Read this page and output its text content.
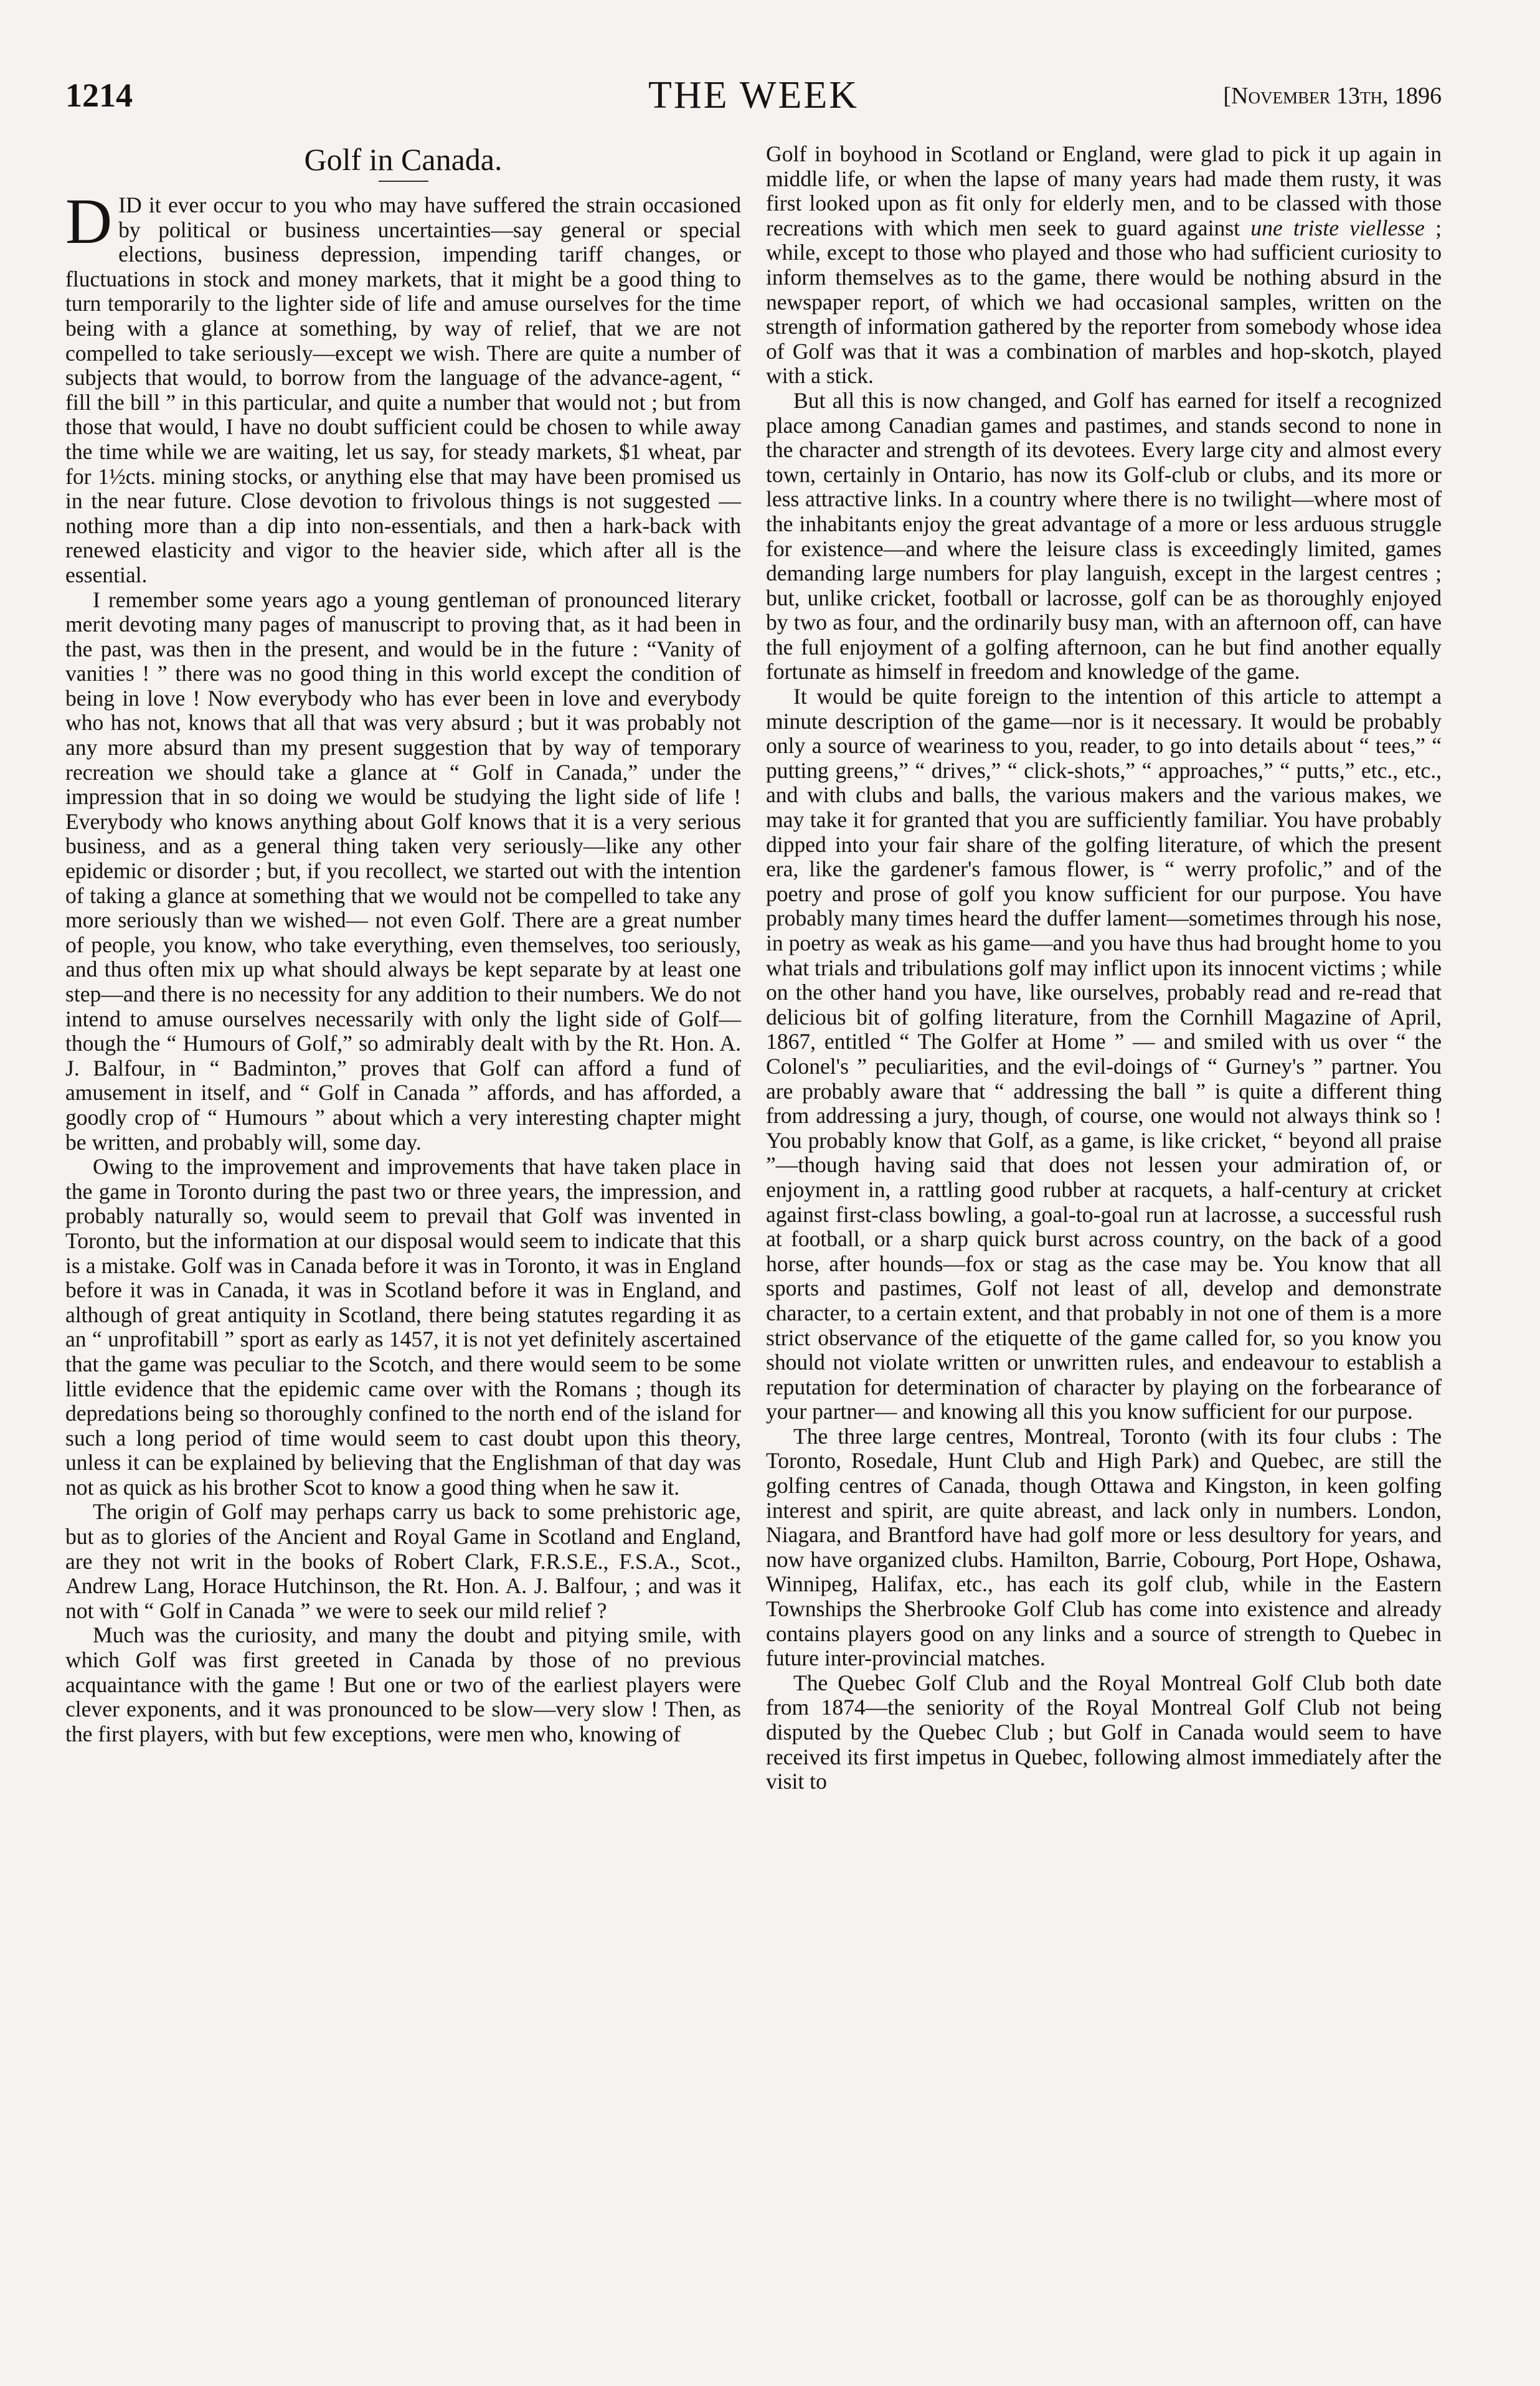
1214	THE WEEK	[November 13th, 1896
Golf in Canada.

DID it ever occur to you who may have suffered the strain occasioned by political or business uncertainties—say general or special elections, business depression, impending tariff changes, or fluctuations in stock and money markets, that it might be a good thing to turn temporarily to the lighter side of life and amuse ourselves for the time being with a glance at something, by way of relief, that we are not compelled to take seriously—except we wish. There are quite a number of subjects that would, to borrow from the language of the advance-agent, “ fill the bill ” in this particular, and quite a number that would not ; but from those that would, I have no doubt sufficient could be chosen to while away the time while we are waiting, let us say, for steady markets, $1 wheat, par for 1½cts. mining stocks, or anything else that may have been promised us in the near future. Close devotion to frivolous things is not suggested —nothing more than a dip into non-essentials, and then a hark-back with renewed elasticity and vigor to the heavier side, which after all is the essential.

I remember some years ago a young gentleman of pronounced literary merit devoting many pages of manuscript to proving that, as it had been in the past, was then in the present, and would be in the future : “Vanity of vanities ! ” there was no good thing in this world except the condition of being in love ! Now everybody who has ever been in love and everybody who has not, knows that all that was very absurd ; but it was probably not any more absurd than my present suggestion that by way of temporary recreation we should take a glance at “ Golf in Canada,” under the impression that in so doing we would be studying the light side of life ! Everybody who knows anything about Golf knows that it is a very serious business, and as a general thing taken very seriously—like any other epidemic or disorder ; but, if you recollect, we started out with the intention of taking a glance at something that we would not be compelled to take any more seriously than we wished— not even Golf. There are a great number of people, you know, who take everything, even themselves, too seriously, and thus often mix up what should always be kept separate by at least one step—and there is no necessity for any addition to their numbers. We do not intend to amuse ourselves necessarily with only the light side of Golf—though the “ Humours of Golf,” so admirably dealt with by the Rt. Hon. A. J. Balfour, in “ Badminton,” proves that Golf can afford a fund of amusement in itself, and “ Golf in Canada ” affords, and has afforded, a goodly crop of “ Humours ” about which a very interesting chapter might be written, and probably will, some day.

Owing to the improvement and improvements that have taken place in the game in Toronto during the past two or three years, the impression, and probably naturally so, would seem to prevail that Golf was invented in Toronto, but the information at our disposal would seem to indicate that this is a mistake. Golf was in Canada before it was in Toronto, it was in England before it was in Canada, it was in Scotland before it was in England, and although of great antiquity in Scotland, there being statutes regarding it as an “ unprofitabill ” sport as early as 1457, it is not yet definitely ascertained that the game was peculiar to the Scotch, and there would seem to be some little evidence that the epidemic came over with the Romans ; though its depredations being so thoroughly confined to the north end of the island for such a long period of time would seem to cast doubt upon this theory, unless it can be explained by believing that the Englishman of that day was not as quick as his brother Scot to know a good thing when he saw it.

The origin of Golf may perhaps carry us back to some prehistoric age, but as to glories of the Ancient and Royal Game in Scotland and England, are they not writ in the books of Robert Clark, F.R.S.E., F.S.A., Scot., Andrew Lang, Horace Hutchinson, the Rt. Hon. A. J. Balfour, ; and was it not with “ Golf in Canada ” we were to seek our mild relief ?

Much was the curiosity, and many the doubt and pitying smile, with which Golf was first greeted in Canada by those of no previous acquaintance with the game ! But one or two of the earliest players were clever exponents, and it was pronounced to be slow—very slow ! Then, as the first players, with but few exceptions, were men who, knowing of

Golf in boyhood in Scotland or England, were glad to pick it up again in middle life, or when the lapse of many years had made them rusty, it was first looked upon as fit only for elderly men, and to be classed with those recreations with which men seek to guard against une triste viellesse ; while, except to those who played and those who had sufficient curiosity to inform themselves as to the game, there would be nothing absurd in the newspaper report, of which we had occasional samples, written on the strength of information gathered by the reporter from somebody whose idea of Golf was that it was a combination of marbles and hop-skotch, played with a stick.

But all this is now changed, and Golf has earned for itself a recognized place among Canadian games and pastimes, and stands second to none in the character and strength of its devotees. Every large city and almost every town, certainly in Ontario, has now its Golf-club or clubs, and its more or less attractive links. In a country where there is no twilight—where most of the inhabitants enjoy the great advantage of a more or less arduous struggle for existence—and where the leisure class is exceedingly limited, games demanding large numbers for play languish, except in the largest centres ; but, unlike cricket, football or lacrosse, golf can be as thoroughly enjoyed by two as four, and the ordinarily busy man, with an afternoon off, can have the full enjoyment of a golfing afternoon, can he but find another equally fortunate as himself in freedom and knowledge of the game.

It would be quite foreign to the intention of this article to attempt a minute description of the game—nor is it necessary. It would be probably only a source of weariness to you, reader, to go into details about “ tees,” “ putting greens,” “ drives,” “ click-shots,” “ approaches,” “ putts,” etc., etc., and with clubs and balls, the various makers and the various makes, we may take it for granted that you are sufficiently familiar. You have probably dipped into your fair share of the golfing literature, of which the present era, like the gardener's famous flower, is “ werry profolic,” and of the poetry and prose of golf you know sufficient for our purpose. You have probably many times heard the duffer lament—sometimes through his nose, in poetry as weak as his game—and you have thus had brought home to you what trials and tribulations golf may inflict upon its innocent victims ; while on the other hand you have, like ourselves, probably read and re-read that delicious bit of golfing literature, from the Cornhill Magazine of April, 1867, entitled “ The Golfer at Home ” — and smiled with us over “ the Colonel's ” peculiarities, and the evil-doings of “ Gurney's ” partner. You are probably aware that “ addressing the ball ” is quite a different thing from addressing a jury, though, of course, one would not always think so ! You probably know that Golf, as a game, is like cricket, “ beyond all praise ”—though having said that does not lessen your admiration of, or enjoyment in, a rattling good rubber at racquets, a half-century at cricket against first-class bowling, a goal-to-goal run at lacrosse, a successful rush at football, or a sharp quick burst across country, on the back of a good horse, after hounds—fox or stag as the case may be. You know that all sports and pastimes, Golf not least of all, develop and demonstrate character, to a certain extent, and that probably in not one of them is a more strict observance of the etiquette of the game called for, so you know you should not violate written or unwritten rules, and endeavour to establish a reputation for determination of character by playing on the forbearance of your partner— and knowing all this you know sufficient for our purpose.

The three large centres, Montreal, Toronto (with its four clubs : The Toronto, Rosedale, Hunt Club and High Park) and Quebec, are still the golfing centres of Canada, though Ottawa and Kingston, in keen golfing interest and spirit, are quite abreast, and lack only in numbers. London, Niagara, and Brantford have had golf more or less desultory for years, and now have organized clubs. Hamilton, Barrie, Cobourg, Port Hope, Oshawa, Winnipeg, Halifax, etc., has each its golf club, while in the Eastern Townships the Sherbrooke Golf Club has come into existence and already contains players good on any links and a source of strength to Quebec in future inter-provincial matches.

The Quebec Golf Club and the Royal Montreal Golf Club both date from 1874—the seniority of the Royal Montreal Golf Club not being disputed by the Quebec Club ; but Golf in Canada would seem to have received its first impetus in Quebec, following almost immediately after the visit to
